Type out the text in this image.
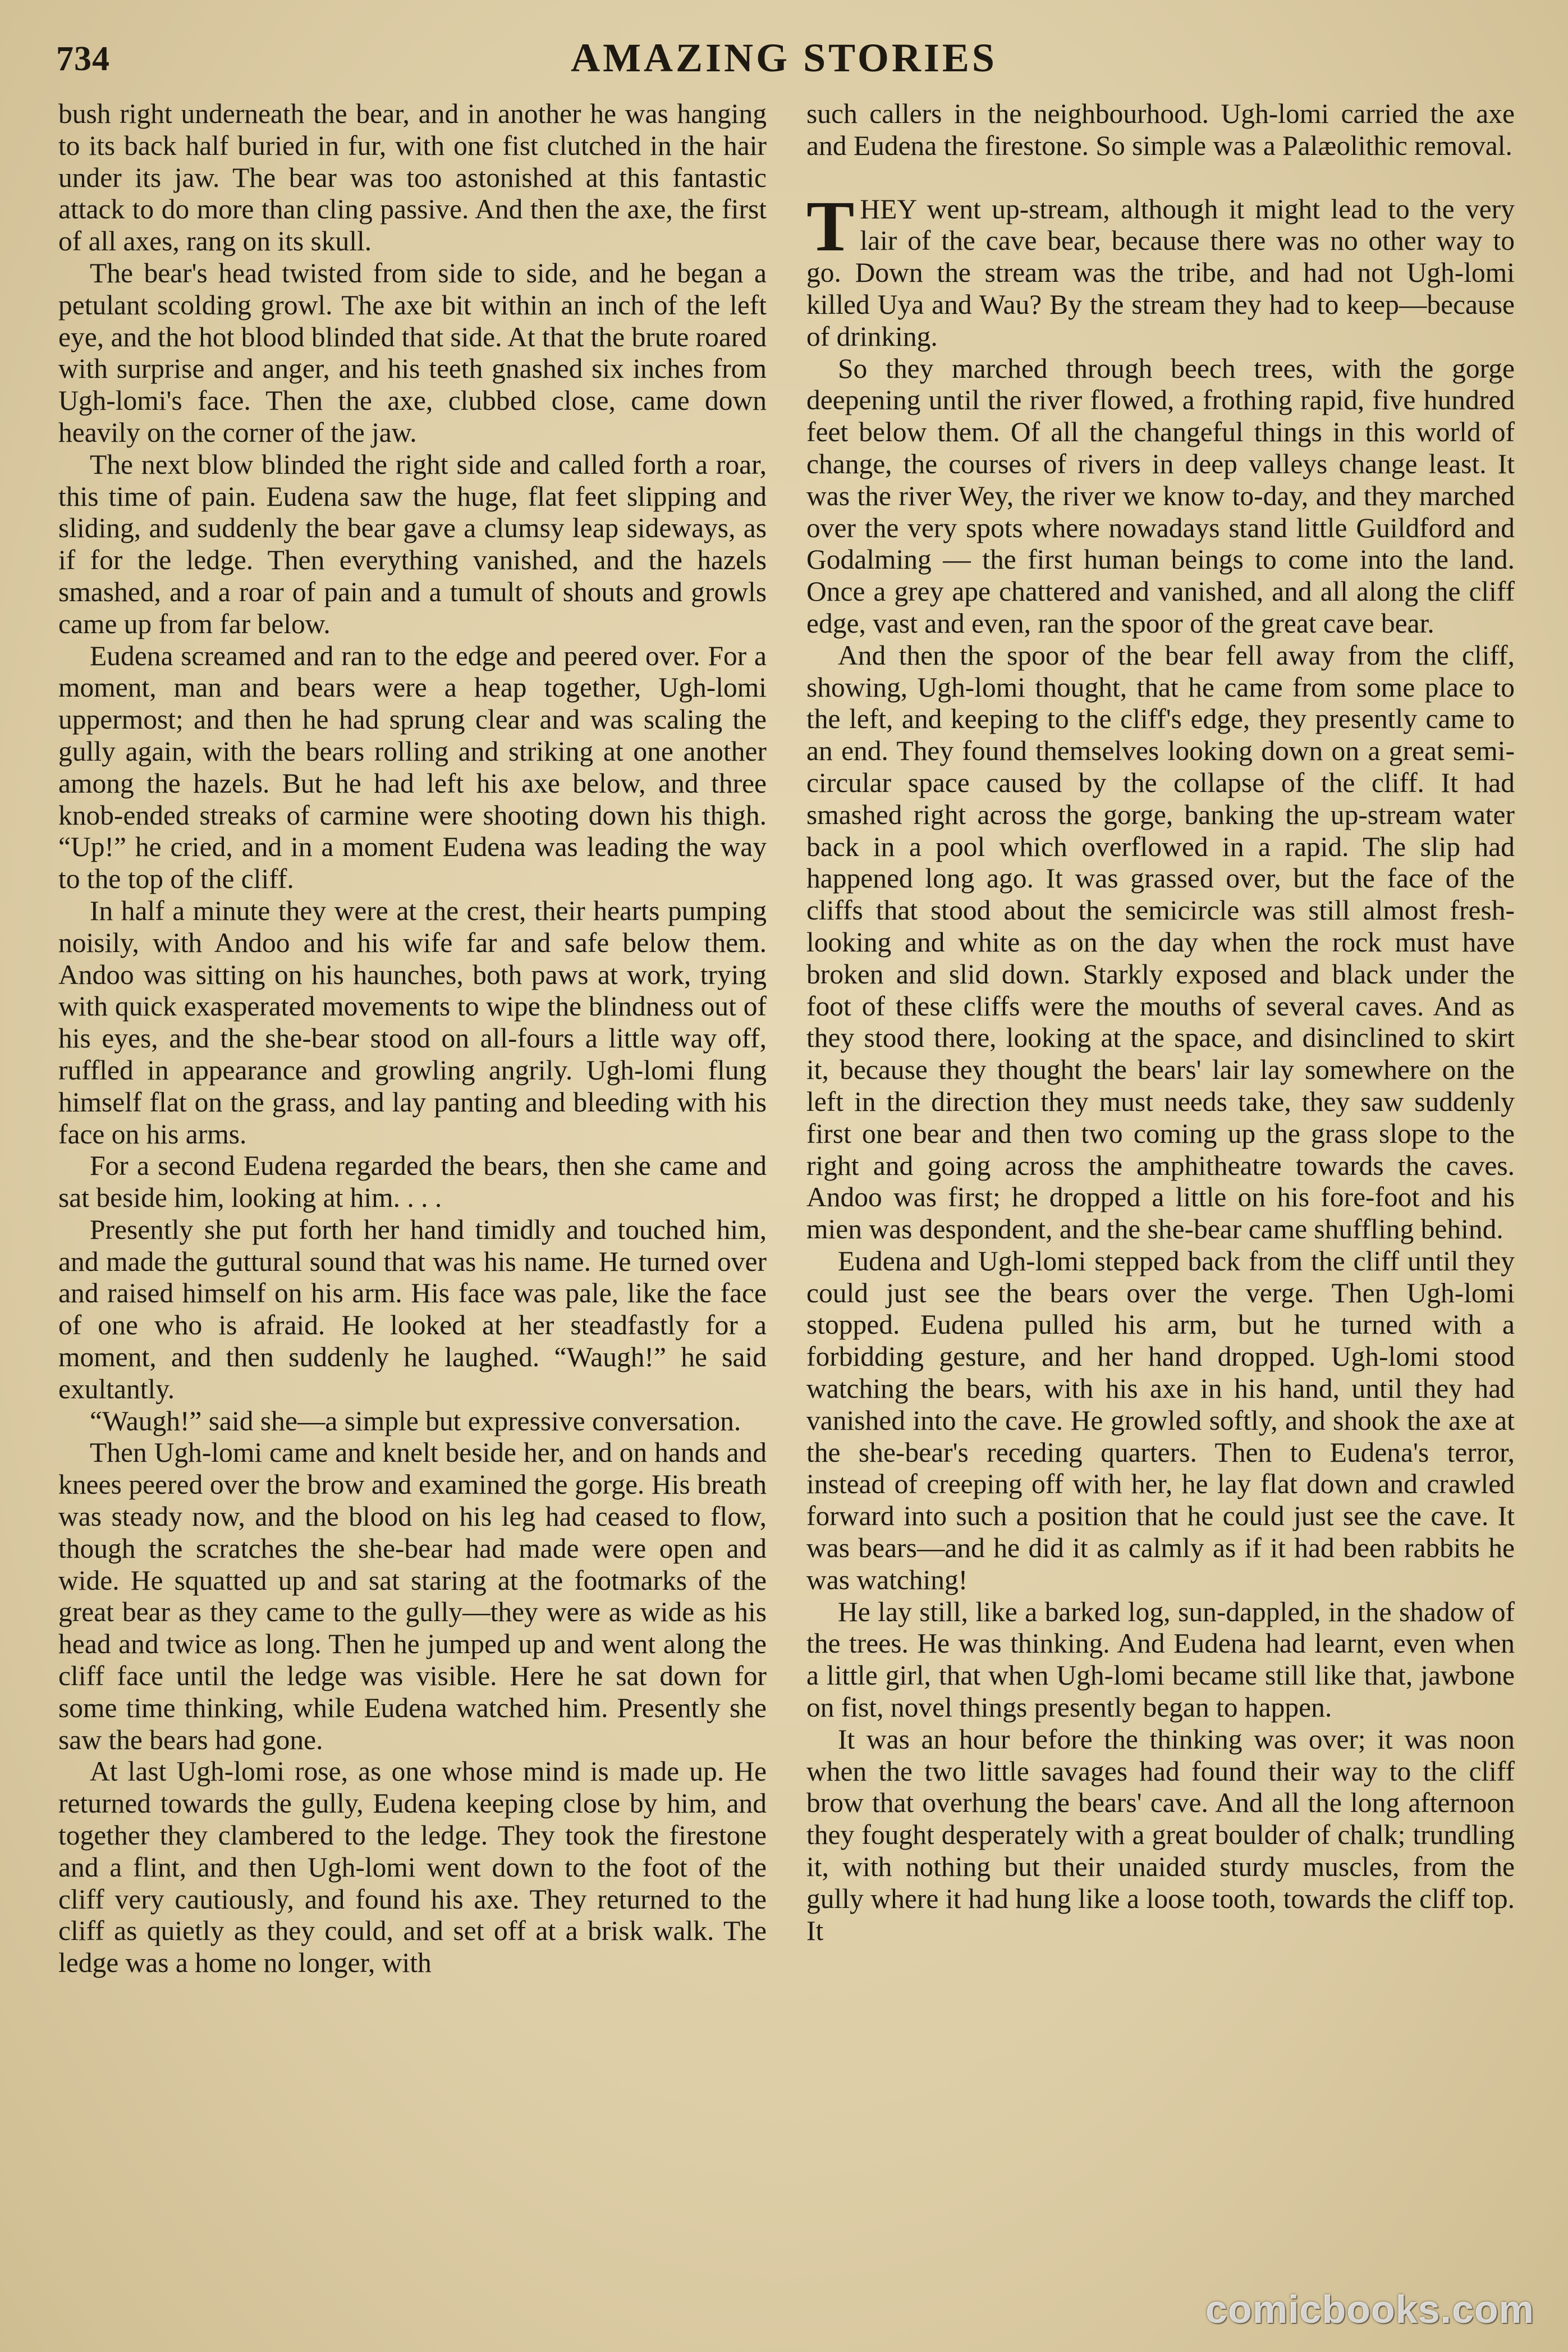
734	AMAZING STORIES

bush right underneath the bear, and in another he was hanging to its back half buried in fur, with one fist clutched in the hair under its jaw. The bear was too astonished at this fantastic attack to do more than cling passive. And then the axe, the first of all axes, rang on its skull.

The bear's head twisted from side to side, and he began a petulant scolding growl. The axe bit within an inch of the left eye, and the hot blood blinded that side. At that the brute roared with surprise and anger, and his teeth gnashed six inches from Ugh-lomi's face. Then the axe, clubbed close, came down heavily on the corner of the jaw.

The next blow blinded the right side and called forth a roar, this time of pain. Eudena saw the huge, flat feet slipping and sliding, and suddenly the bear gave a clumsy leap sideways, as if for the ledge. Then everything vanished, and the hazels smashed, and a roar of pain and a tumult of shouts and growls came up from far below.

Eudena screamed and ran to the edge and peered over. For a moment, man and bears were a heap together, Ugh-lomi uppermost; and then he had sprung clear and was scaling the gully again, with the bears rolling and striking at one another among the hazels. But he had left his axe below, and three knob-ended streaks of carmine were shooting down his thigh. “Up!” he cried, and in a moment Eudena was leading the way to the top of the cliff.

In half a minute they were at the crest, their hearts pumping noisily, with Andoo and his wife far and safe below them. Andoo was sitting on his haunches, both paws at work, trying with quick exasperated movements to wipe the blindness out of his eyes, and the she-bear stood on all-fours a little way off, ruffled in appearance and growling angrily. Ugh-lomi flung himself flat on the grass, and lay panting and bleeding with his face on his arms.

For a second Eudena regarded the bears, then she came and sat beside him, looking at him. . . .

Presently she put forth her hand timidly and touched him, and made the guttural sound that was his name. He turned over and raised himself on his arm. His face was pale, like the face of one who is afraid. He looked at her steadfastly for a moment, and then suddenly he laughed. “Waugh!” he said exultantly.

“Waugh!” said she—a simple but expressive conversation.

Then Ugh-lomi came and knelt beside her, and on hands and knees peered over the brow and examined the gorge. His breath was steady now, and the blood on his leg had ceased to flow, though the scratches the she-bear had made were open and wide. He squatted up and sat staring at the footmarks of the great bear as they came to the gully—they were as wide as his head and twice as long. Then he jumped up and went along the cliff face until the ledge was visible. Here he sat down for some time thinking, while Eudena watched him. Presently she saw the bears had gone.

At last Ugh-lomi rose, as one whose mind is made up. He returned towards the gully, Eudena keeping close by him, and together they clambered to the ledge. They took the firestone and a flint, and then Ugh-lomi went down to the foot of the cliff very cautiously, and found his axe. They returned to the cliff as quietly as they could, and set off at a brisk walk. The ledge was a home no longer, with

such callers in the neighbourhood. Ugh-lomi carried the axe and Eudena the firestone. So simple was a Palæolithic removal.

THEY went up-stream, although it might lead to the very lair of the cave bear, because there was no other way to go. Down the stream was the tribe, and had not Ugh-lomi killed Uya and Wau? By the stream they had to keep—because of drinking.

So they marched through beech trees, with the gorge deepening until the river flowed, a frothing rapid, five hundred feet below them. Of all the changeful things in this world of change, the courses of rivers in deep valleys change least. It was the river Wey, the river we know to-day, and they marched over the very spots where nowadays stand little Guildford and Godalming — the first human beings to come into the land. Once a grey ape chattered and vanished, and all along the cliff edge, vast and even, ran the spoor of the great cave bear.

And then the spoor of the bear fell away from the cliff, showing, Ugh-lomi thought, that he came from some place to the left, and keeping to the cliff's edge, they presently came to an end. They found themselves looking down on a great semi-circular space caused by the collapse of the cliff. It had smashed right across the gorge, banking the up-stream water back in a pool which overflowed in a rapid. The slip had happened long ago. It was grassed over, but the face of the cliffs that stood about the semicircle was still almost fresh-looking and white as on the day when the rock must have broken and slid down. Starkly exposed and black under the foot of these cliffs were the mouths of several caves. And as they stood there, looking at the space, and disinclined to skirt it, because they thought the bears' lair lay somewhere on the left in the direction they must needs take, they saw suddenly first one bear and then two coming up the grass slope to the right and going across the amphitheatre towards the caves. Andoo was first; he dropped a little on his fore-foot and his mien was despondent, and the she-bear came shuffling behind.

Eudena and Ugh-lomi stepped back from the cliff until they could just see the bears over the verge. Then Ugh-lomi stopped. Eudena pulled his arm, but he turned with a forbidding gesture, and her hand dropped. Ugh-lomi stood watching the bears, with his axe in his hand, until they had vanished into the cave. He growled softly, and shook the axe at the she-bear's receding quarters. Then to Eudena's terror, instead of creeping off with her, he lay flat down and crawled forward into such a position that he could just see the cave. It was bears—and he did it as calmly as if it had been rabbits he was watching!

He lay still, like a barked log, sun-dappled, in the shadow of the trees. He was thinking. And Eudena had learnt, even when a little girl, that when Ugh-lomi became still like that, jawbone on fist, novel things presently began to happen.

It was an hour before the thinking was over; it was noon when the two little savages had found their way to the cliff brow that overhung the bears' cave. And all the long afternoon they fought desperately with a great boulder of chalk; trundling it, with nothing but their unaided sturdy muscles, from the gully where it had hung like a loose tooth, towards the cliff top. It

comicbooks.com
